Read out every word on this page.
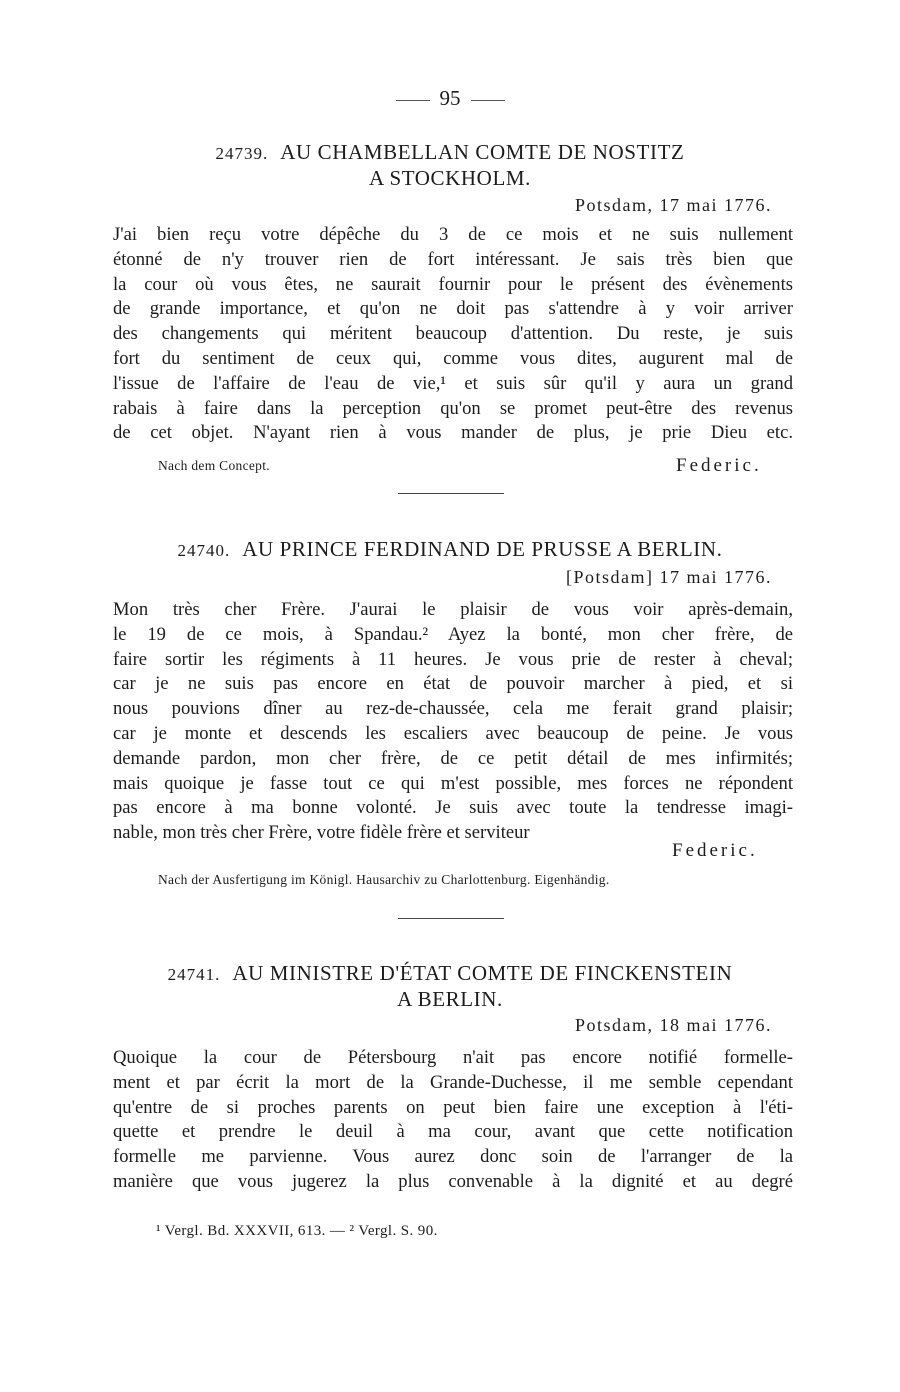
95
24739. AU CHAMBELLAN COMTE DE NOSTITZ
A STOCKHOLM.
Potsdam, 17 mai 1776.
J'ai bien reçu votre dépêche du 3 de ce mois et ne suis nullement
étonné de n'y trouver rien de fort intéressant. Je sais très bien que
la cour où vous êtes, ne saurait fournir pour le présent des évènements
de grande importance, et qu'on ne doit pas s'attendre à y voir arriver
des changements qui méritent beaucoup d'attention. Du reste, je suis
fort du sentiment de ceux qui, comme vous dites, augurent mal de
l'issue de l'affaire de l'eau de vie,¹ et suis sûr qu'il y aura un grand
rabais à faire dans la perception qu'on se promet peut-être des revenus
de cet objet. N'ayant rien à vous mander de plus, je prie Dieu etc.
Nach dem Concept.	Federic.
24740. AU PRINCE FERDINAND DE PRUSSE A BERLIN.
[Potsdam] 17 mai 1776.
Mon très cher Frère. J'aurai le plaisir de vous voir après-demain,
le 19 de ce mois, à Spandau.² Ayez la bonté, mon cher frère, de
faire sortir les régiments à 11 heures. Je vous prie de rester à cheval;
car je ne suis pas encore en état de pouvoir marcher à pied, et si
nous pouvions dîner au rez-de-chaussée, cela me ferait grand plaisir;
car je monte et descends les escaliers avec beaucoup de peine. Je vous
demande pardon, mon cher frère, de ce petit détail de mes infirmités;
mais quoique je fasse tout ce qui m'est possible, mes forces ne répondent
pas encore à ma bonne volonté. Je suis avec toute la tendresse imagi-
nable, mon très cher Frère, votre fidèle frère et serviteur
Federic.
Nach der Ausfertigung im Königl. Hausarchiv zu Charlottenburg. Eigenhändig.
24741. AU MINISTRE D'ÉTAT COMTE DE FINCKENSTEIN
A BERLIN.
Potsdam, 18 mai 1776.
Quoique la cour de Pétersbourg n'ait pas encore notifié formelle-
ment et par écrit la mort de la Grande-Duchesse, il me semble cependant
qu'entre de si proches parents on peut bien faire une exception à l'éti-
quette et prendre le deuil à ma cour, avant que cette notification
formelle me parvienne. Vous aurez donc soin de l'arranger de la
manière que vous jugerez la plus convenable à la dignité et au degré
¹ Vergl. Bd. XXXVII, 613. — ² Vergl. S. 90.
